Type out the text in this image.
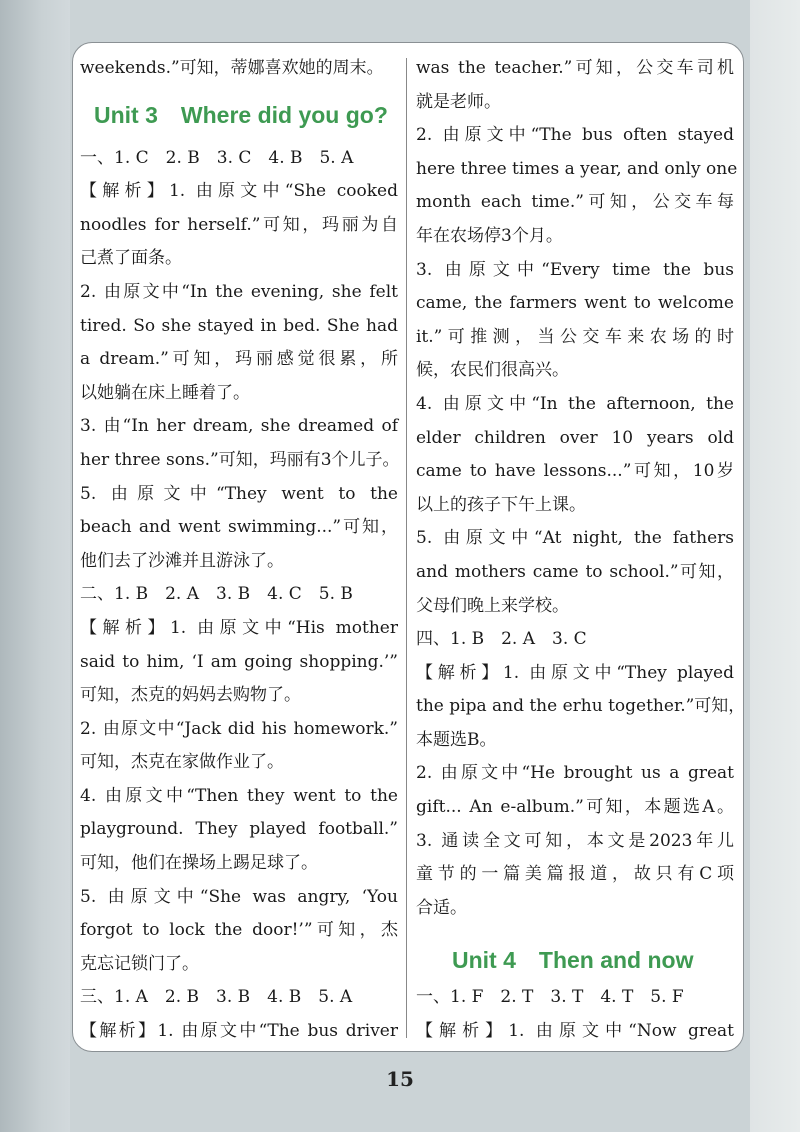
weekends.”可知，蒂娜喜欢她的周末。
Unit 3　Where did you go?
一、1. C　2. B　3. C　4. B　5. A
【解析】1. 由原文中“She cooked
noodles for herself.”可知，玛丽为自
己煮了面条。
2. 由原文中“In the evening, she felt
tired. So she stayed in bed. She had
a dream.”可知，玛丽感觉很累，所
以她躺在床上睡着了。
3. 由“In her dream, she dreamed of
her three sons.”可知，玛丽有3个儿子。
5. 由原文中“They went to the
beach and went swimming...”可知，
他们去了沙滩并且游泳了。
二、1. B　2. A　3. B　4. C　5. B
【解析】1. 由原文中“His mother
said to him, ‘I am going shopping.’”
可知，杰克的妈妈去购物了。
2. 由原文中“Jack did his homework.”
可知，杰克在家做作业了。
4. 由原文中“Then they went to the
playground. They played football.”
可知，他们在操场上踢足球了。
5. 由原文中“She was angry, ‘You
forgot to lock the door!’”可知，杰
克忘记锁门了。
三、1. A　2. B　3. B　4. B　5. A
【解析】1. 由原文中“The bus driver
was the teacher.”可知，公交车司机
就是老师。
2. 由原文中“The bus often stayed
here three times a year, and only one
month each time.”可知，公交车每
年在农场停3个月。
3. 由原文中“Every time the bus
came, the farmers went to welcome
it.”可推测，当公交车来农场的时
候，农民们很高兴。
4. 由原文中“In the afternoon, the
elder children over 10 years old
came to have lessons...”可知，10岁
以上的孩子下午上课。
5. 由原文中“At night, the fathers
and mothers came to school.”可知，
父母们晚上来学校。
四、1. B　2. A　3. C
【解析】1. 由原文中“They played
the pipa and the erhu together.”可知，
本题选B。
2. 由原文中“He brought us a great
gift... An e-album.”可知，本题选A。
3. 通读全文可知，本文是2023年儿
童节的一篇美篇报道，故只有C项
合适。
Unit 4　Then and now
一、1. F　2. T　3. T　4. T　5. F
【解析】1. 由原文中“Now great
15
